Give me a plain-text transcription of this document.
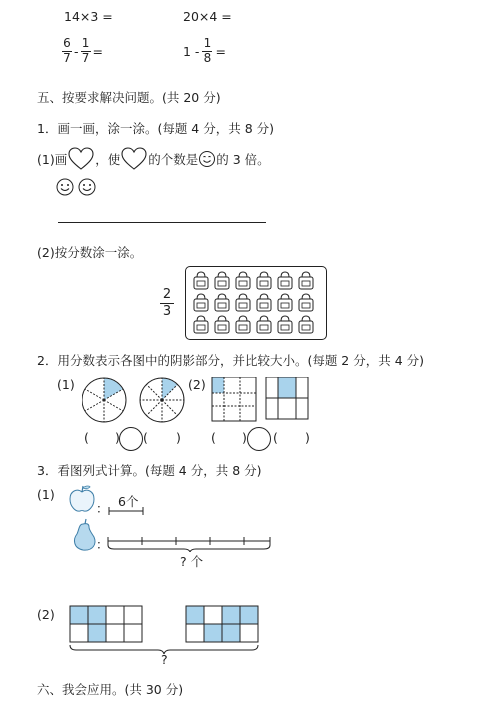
14×3 =	20×4 =
$\frac{6}{7} - \frac{1}{7}$ =	$1 - \frac{1}{8}$ =
五、按要求解决问题。(共 20 分)
1．画一画，涂一涂。(每题 4 分，共 8 分)
(1)画 ，使 的个数是 的 3 倍。
(2)按分数涂一涂。
2
3
2．用分数表示各图中的阴影部分，并比较大小。(每题 2 分，共 4 分)
(1)	(2)
( ) ( ) ( ) ( )
3．看图列式计算。(每题 4 分，共 8 分)
(1)
： 6个
：
? 个
(2)
?
六、我会应用。(共 30 分)
